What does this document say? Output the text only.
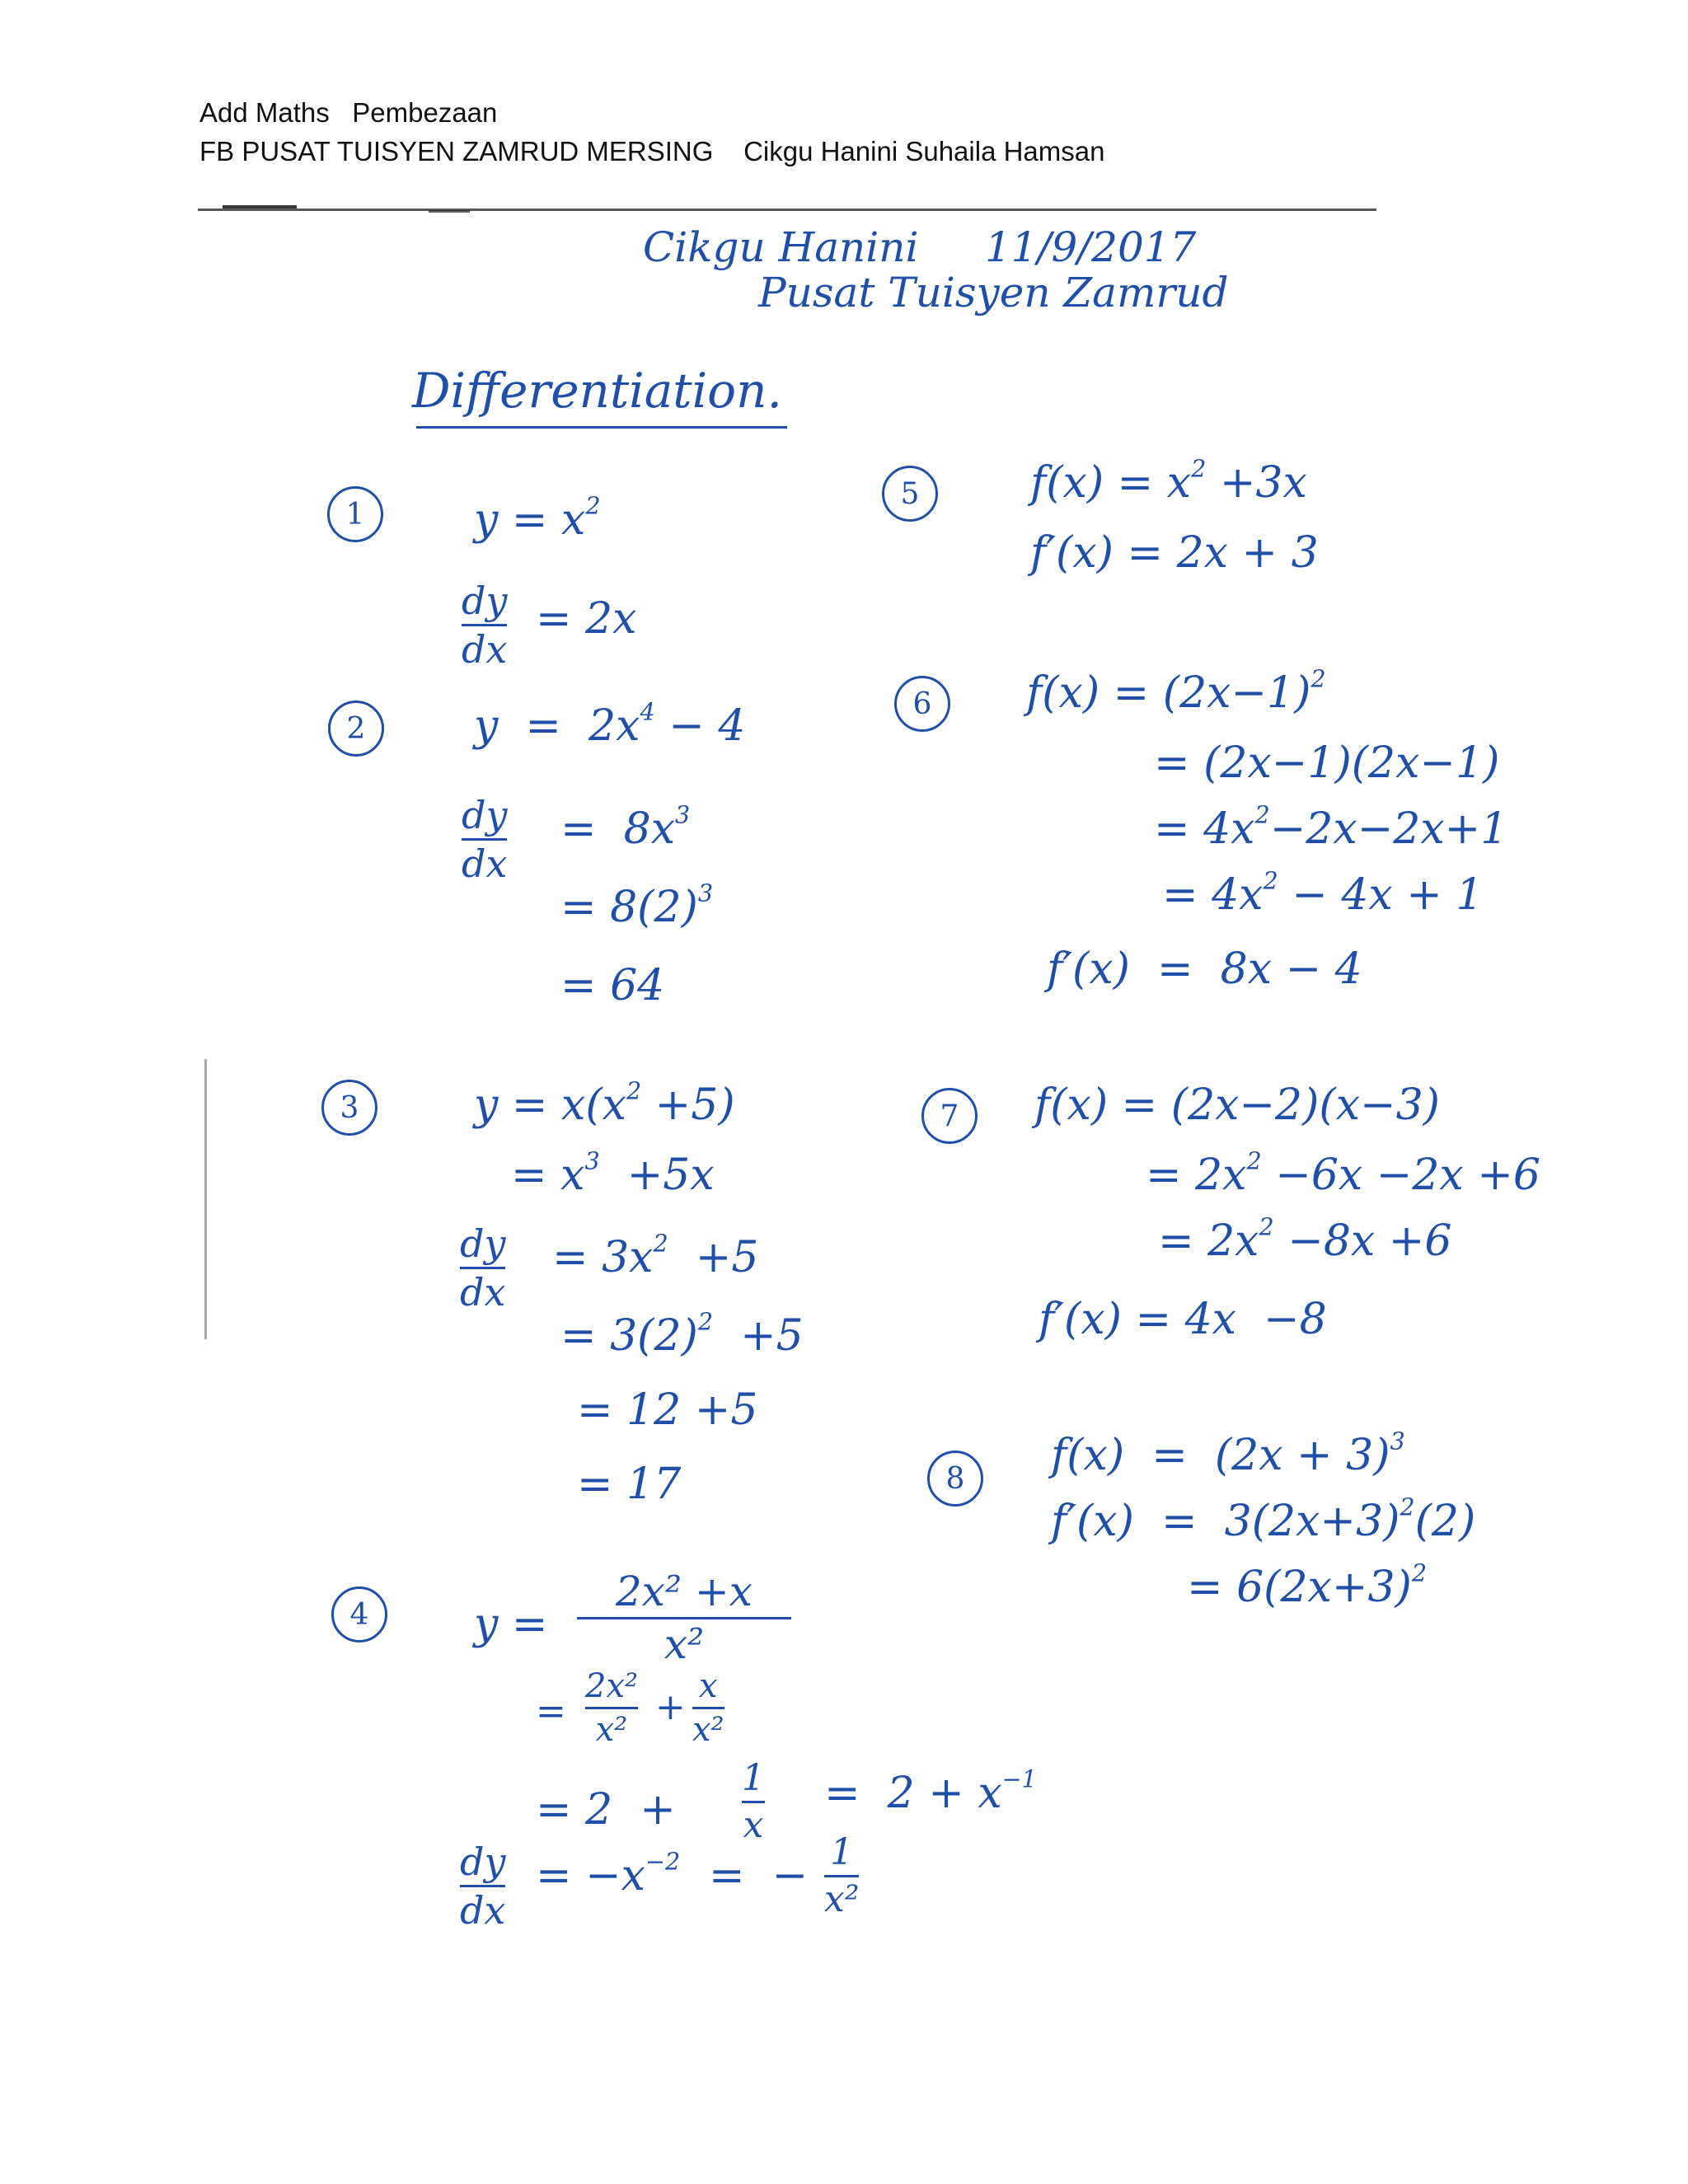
Add Maths   Pembezaan
FB PUSAT TUISYEN ZAMRUD MERSING    Cikgu Hanini Suhaila Hamsan
Cikgu Hanini 11/9/2017
Pusat Tuisyen Zamrud
Differentiation.
1	$y = x^2$
dy
dx
= 2x
2	$y = 2x^4 - 4$
dy
dx
=  $8x^3$
= $8(2)^3$
= 64
3	$y = x(x^2 +5)$
= $x^3 +5x$
dy
dx
= $3x^2 +5$
= $3(2)^2 +5$
= 12 +5
= 17
4	y =
2x² +x
x²
=
2x²
x²
+ x
x²
= 2  +
1
x
=  $2 + x^{-1}$
dy
dx
= $-x^{-2}$ =  − 1
x²
5	$f(x) = x^2 +3x$
f′(x) = 2x + 3
6	$f(x) = (2x-1)^2$
= (2x−1)(2x−1)
= $4x^2-2x-2x+1$
= $4x^2 - 4x + 1$
f′(x)  =  8x − 4
7	f(x) = (2x−2)(x−3)
= $2x^2 -6x -2x +6$
= $2x^2 -8x +6$
f′(x) = 4x  −8
8	$f(x) = (2x + 3)^3$
$f'(x) = 3(2x+3)^2(2)$
= $6(2x+3)^2$
